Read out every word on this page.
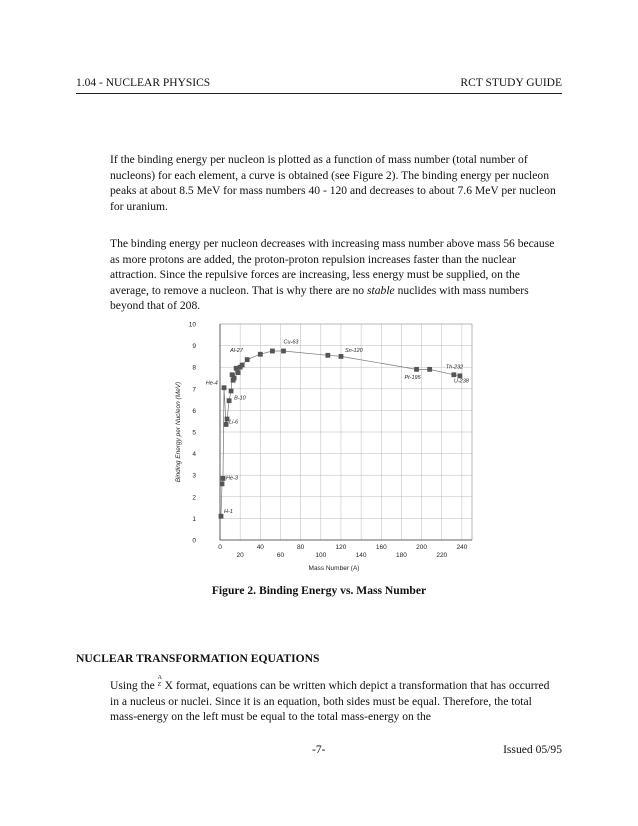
1.04 - NUCLEAR PHYSICS	RCT STUDY GUIDE

If the binding energy per nucleon is plotted as a function of mass number (total number of nucleons) for each element, a curve is obtained (see Figure 2). The binding energy per nucleon peaks at about 8.5 MeV for mass numbers 40 - 120 and decreases to about 7.6 MeV per nucleon for uranium.

The binding energy per nucleon decreases with increasing mass number above mass 56 because as more protons are added, the proton-proton repulsion increases faster than the nuclear attraction. Since the repulsive forces are increasing, less energy must be supplied, on the average, to remove a nucleon. That is why there are no stable nuclides with mass numbers beyond that of 208.

0
1
2
3
4
5
6
7
8
9
10
0	40	80	120	160	200	240
20	60	100	140	180	220
H-1
He-3
He-4
Li-6
B-10
Al-27
Cu-63
Sn-120
Pt-195
Th-232
U-238
Mass Number (A)
Binding Energy per Nucleon (MeV)
Figure 2. Binding Energy vs. Mass Number
NUCLEAR TRANSFORMATION EQUATIONS

Using the
A
Z X format, equations can be written which depict a transformation that has occurred in a nucleus or nuclei. Since it is an equation, both sides must be equal. Therefore, the total mass-energy on the left must be equal to the total mass-energy on the

-7-	Issued 05/95
